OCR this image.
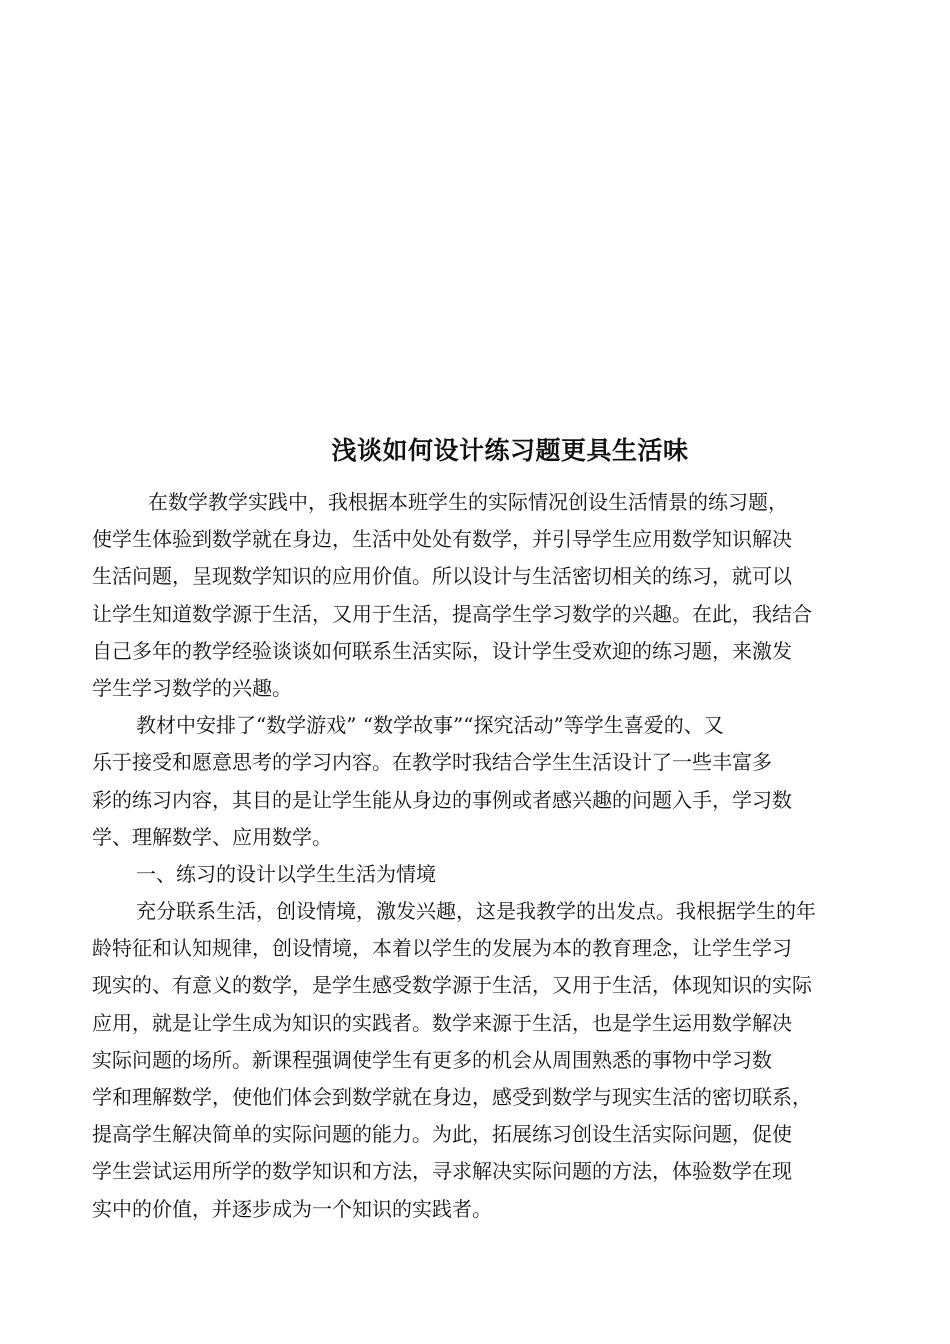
浅谈如何设计练习题更具生活味
在数学教学实践中，我根据本班学生的实际情况创设生活情景的练习题，
使学生体验到数学就在身边，生活中处处有数学，并引导学生应用数学知识解决
生活问题，呈现数学知识的应用价值。所以设计与生活密切相关的练习，就可以
让学生知道数学源于生活，又用于生活，提高学生学习数学的兴趣。在此，我结合
自己多年的教学经验谈谈如何联系生活实际，设计学生受欢迎的练习题，来激发
学生学习数学的兴趣。
教材中安排了“数学游戏” “数学故事”“探究活动”等学生喜爱的、又
乐于接受和愿意思考的学习内容。在教学时我结合学生生活设计了一些丰富多
彩的练习内容，其目的是让学生能从身边的事例或者感兴趣的问题入手，学习数
学、理解数学、应用数学。
一、练习的设计以学生生活为情境
充分联系生活，创设情境，激发兴趣，这是我教学的出发点。我根据学生的年
龄特征和认知规律，创设情境，本着以学生的发展为本的教育理念，让学生学习
现实的、有意义的数学，是学生感受数学源于生活，又用于生活，体现知识的实际
应用，就是让学生成为知识的实践者。数学来源于生活，也是学生运用数学解决
实际问题的场所。新课程强调使学生有更多的机会从周围熟悉的事物中学习数
学和理解数学，使他们体会到数学就在身边，感受到数学与现实生活的密切联系，
提高学生解决简单的实际问题的能力。为此，拓展练习创设生活实际问题，促使
学生尝试运用所学的数学知识和方法，寻求解决实际问题的方法，体验数学在现
实中的价值，并逐步成为一个知识的实践者。
